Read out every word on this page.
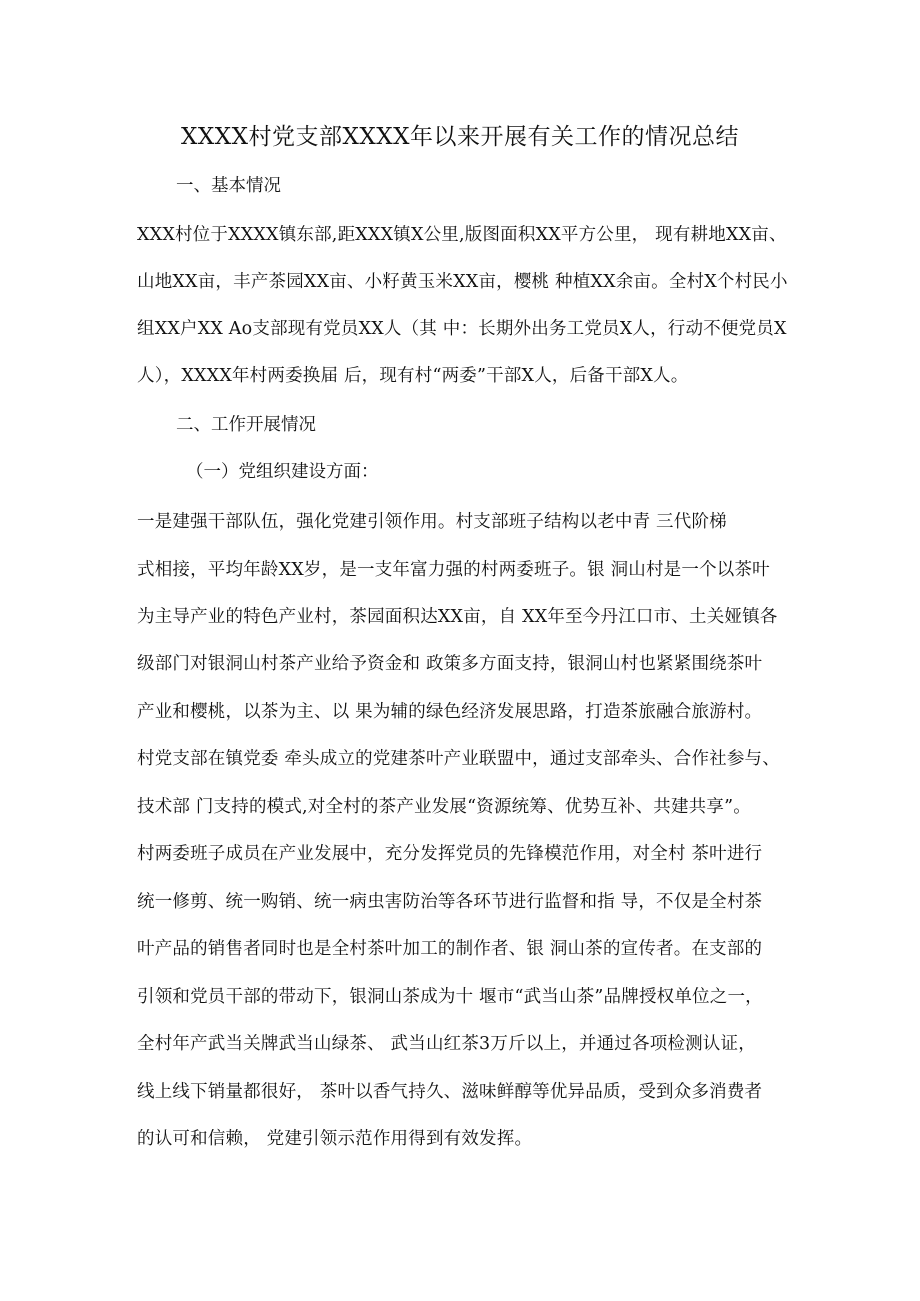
XXXX村党支部XXXX年以来开展有关工作的情况总结
一、基本情况
XXX村位于XXXX镇东部,距XXX镇X公里,版图面积XX平方公里， 现有耕地XX亩、
山地XX亩，丰产茶园XX亩、小籽黄玉米XX亩，樱桃 种植XX余亩。全村X个村民小
组XX户XX Ao支部现有党员XX人（其 中：长期外出务工党员X人，行动不便党员X
人），XXXX年村两委换届 后，现有村“两委”干部X人，后备干部X人。
二、工作开展情况
（一）党组织建设方面：
一是建强干部队伍，强化党建引领作用。村支部班子结构以老中青 三代阶梯
式相接，平均年龄XX岁，是一支年富力强的村两委班子。银 洞山村是一个以茶叶
为主导产业的特色产业村，茶园面积达XX亩，自 XX年至今丹江口市、土关娅镇各
级部门对银洞山村茶产业给予资金和 政策多方面支持，银洞山村也紧紧围绕茶叶
产业和樱桃，以茶为主、以 果为辅的绿色经济发展思路，打造茶旅融合旅游村。
村党支部在镇党委 牵头成立的党建茶叶产业联盟中，通过支部牵头、合作社参与、
技术部 门支持的模式,对全村的茶产业发展“资源统筹、优势互补、共建共享”。
村两委班子成员在产业发展中，充分发挥党员的先锋模范作用，对全村 茶叶进行
统一修剪、统一购销、统一病虫害防治等各环节进行监督和指 导，不仅是全村茶
叶产品的销售者同时也是全村茶叶加工的制作者、银 洞山茶的宣传者。在支部的
引领和党员干部的带动下，银洞山茶成为十 堰市“武当山茶”品牌授权单位之一，
全村年产武当关牌武当山绿茶、 武当山红茶3万斤以上，并通过各项检测认证，
线上线下销量都很好， 茶叶以香气持久、滋味鲜醇等优异品质，受到众多消费者
的认可和信赖， 党建引领示范作用得到有效发挥。
